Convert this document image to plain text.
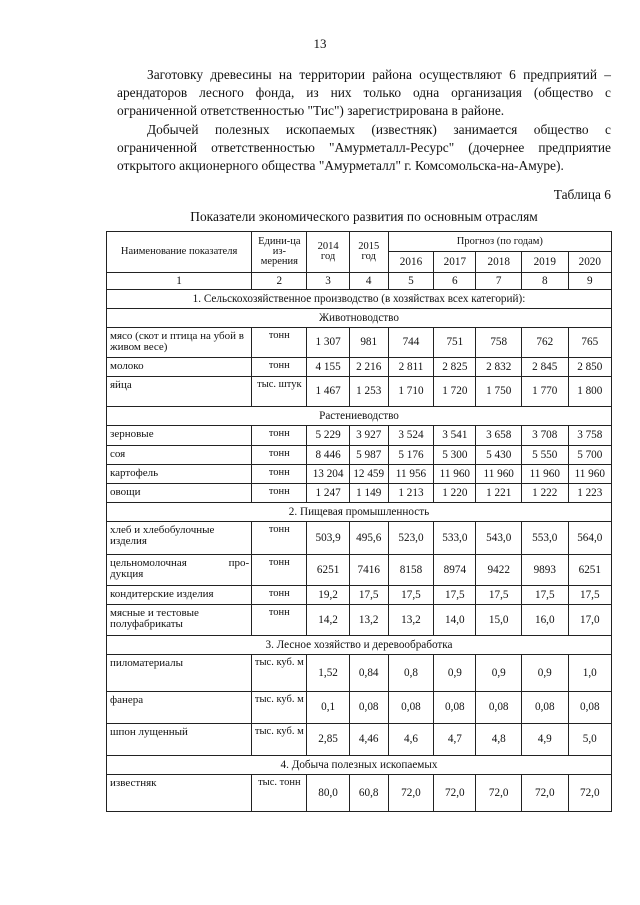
13

Заготовку древесины на территории района осуществляют 6 предприятий – арендаторов лесного фонда, из них только одна организация (общество с ограниченной ответственностью "Тис") зарегистрирована в районе.

Добычей полезных ископаемых (известняк) занимается общество с ограниченной ответственностью "Амурметалл-Ресурс" (дочернее предприятие открытого акционерного общества "Амурметалл" г. Комсомольска-на-Амуре).

Таблица 6
Показатели экономического развития по основным отраслям
Наименование показателя	Едини-ца из-мерения	2014 год	2015 год	Прогноз (по годам)				
				2016	2017	2018	2019	2020
1	2	3	4	5	6	7	8	9
1. Сельскохозяйственное производство (в хозяйствах всех категорий):								
Животноводство								
мясо (скот и птица на убой в живом весе)	тонн	1 307	981	744	751	758	762	765
молоко	тонн	4 155	2 216	2 811	2 825	2 832	2 845	2 850
яйца	тыс. штук	1 467	1 253	1 710	1 720	1 750	1 770	1 800
Растениеводство								
зерновые	тонн	5 229	3 927	3 524	3 541	3 658	3 708	3 758
соя	тонн	8 446	5 987	5 176	5 300	5 430	5 550	5 700
картофель	тонн	13 204	12 459	11 956	11 960	11 960	11 960	11 960
овощи	тонн	1 247	1 149	1 213	1 220	1 221	1 222	1 223
2. Пищевая промышленность								
хлеб и хлебобулочные изделия	тонн	503,9	495,6	523,0	533,0	543,0	553,0	564,0

цельномолочная про-
дукция	тонн	6251	7416	8158	8974	9422	9893	6251
кондитерские изделия	тонн	19,2	17,5	17,5	17,5	17,5	17,5	17,5
мясные и тестовые полуфабрикаты	тонн	14,2	13,2	13,2	14,0	15,0	16,0	17,0
3. Лесное хозяйство и деревообработка								
пиломатериалы	тыс. куб. м	1,52	0,84	0,8	0,9	0,9	0,9	1,0
фанера	тыс. куб. м	0,1	0,08	0,08	0,08	0,08	0,08	0,08
шпон лущенный	тыс. куб. м	2,85	4,46	4,6	4,7	4,8	4,9	5,0
4. Добыча полезных ископаемых								
известняк	тыс. тонн	80,0	60,8	72,0	72,0	72,0	72,0	72,0
